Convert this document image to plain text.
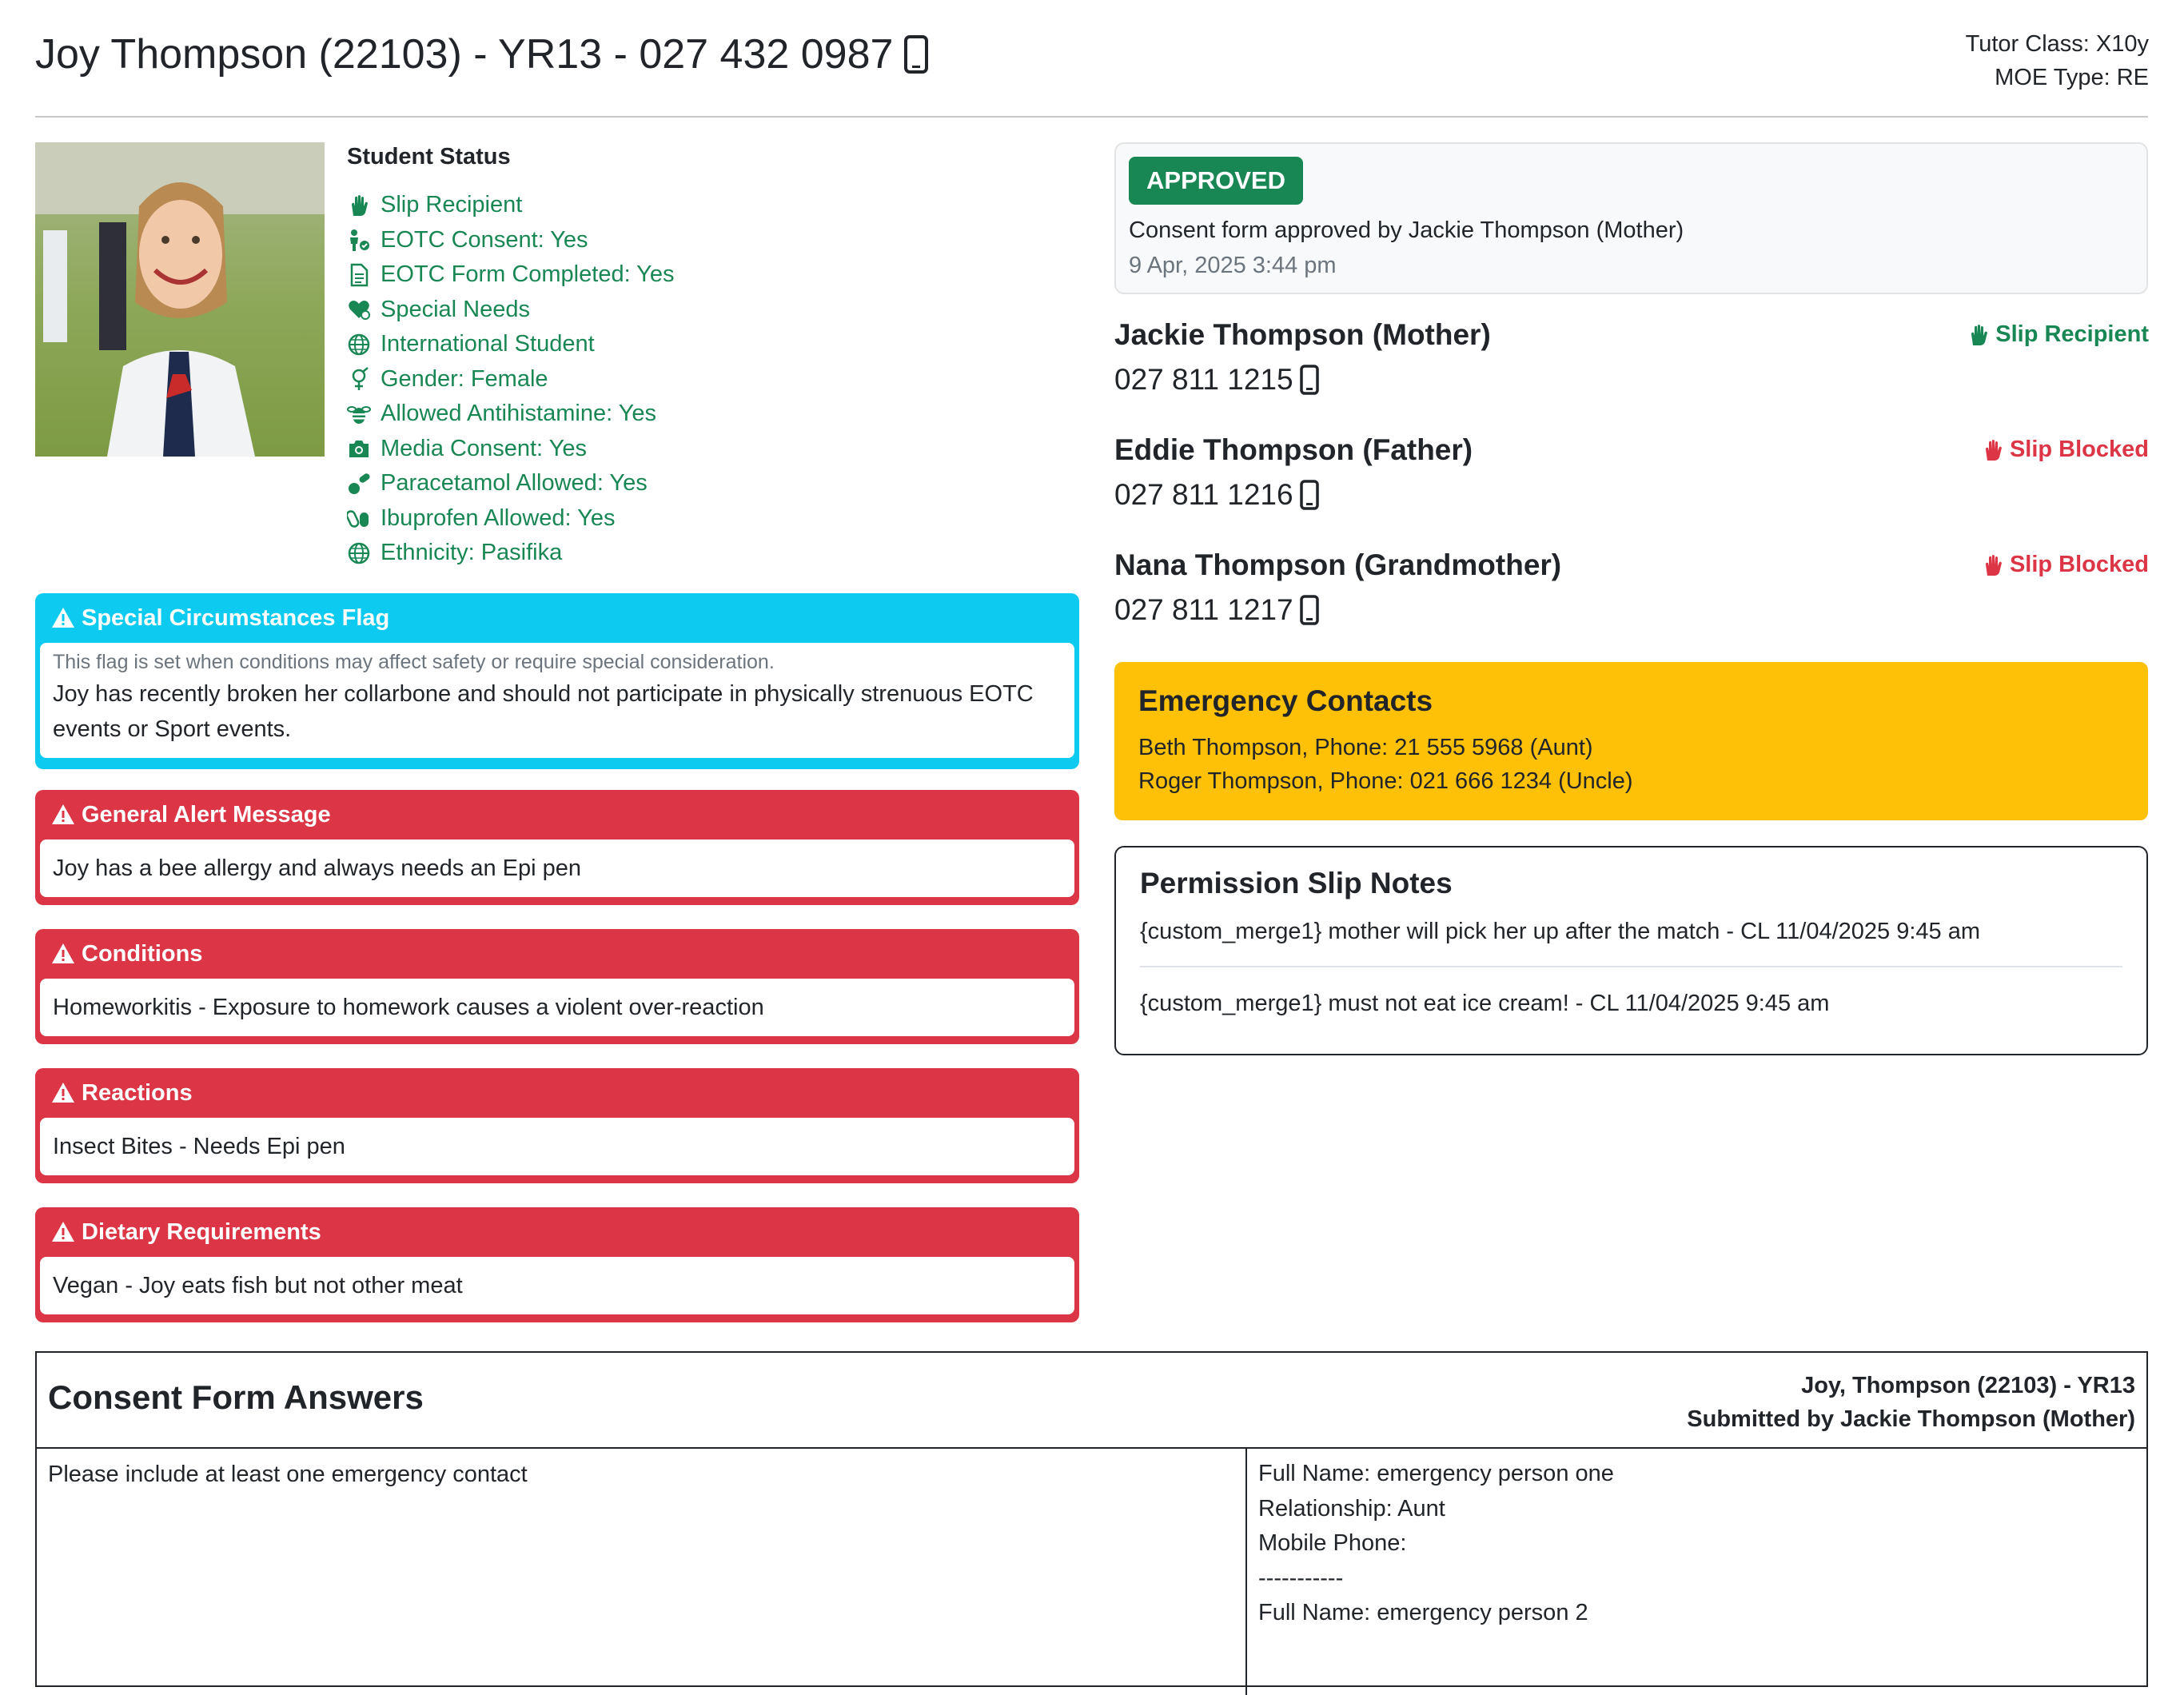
Joy Thompson (22103) - YR13 - 027 432 0987	Tutor Class: X10y
MOE Type: RE
Student Status
Slip Recipient
EOTC Consent: Yes
EOTC Form Completed: Yes
Special Needs
International Student
Gender: Female
Allowed Antihistamine: Yes
Media Consent: Yes
Paracetamol Allowed: Yes
Ibuprofen Allowed: Yes
Ethnicity: Pasifika
Special Circumstances Flag
This flag is set when conditions may affect safety or require special consideration.
Joy has recently broken her collarbone and should not participate in physically strenuous EOTC events or Sport events.
General Alert Message
Joy has a bee allergy and always needs an Epi pen
Conditions
Homeworkitis - Exposure to homework causes a violent over-reaction
Reactions
Insect Bites - Needs Epi pen
Dietary Requirements
Vegan - Joy eats fish but not other meat
APPROVED
Consent form approved by Jackie Thompson (Mother)
9 Apr, 2025 3:44 pm
Jackie Thompson (Mother)	Slip Recipient
027 811 1215
Eddie Thompson (Father)	Slip Blocked
027 811 1216
Nana Thompson (Grandmother)	Slip Blocked
027 811 1217
Emergency Contacts
Beth Thompson, Phone: 21 555 5968 (Aunt)
Roger Thompson, Phone: 021 666 1234 (Uncle)
Permission Slip Notes
{custom_merge1} mother will pick her up after the match - CL 11/04/2025 9:45 am
{custom_merge1} must not eat ice cream! - CL 11/04/2025 9:45 am
Consent Form Answers	Joy, Thompson (22103) - YR13
Submitted by Jackie Thompson (Mother)
Please include at least one emergency contact	Full Name: emergency person one
Relationship: Aunt
Mobile Phone:
-----------
Full Name: emergency person 2
